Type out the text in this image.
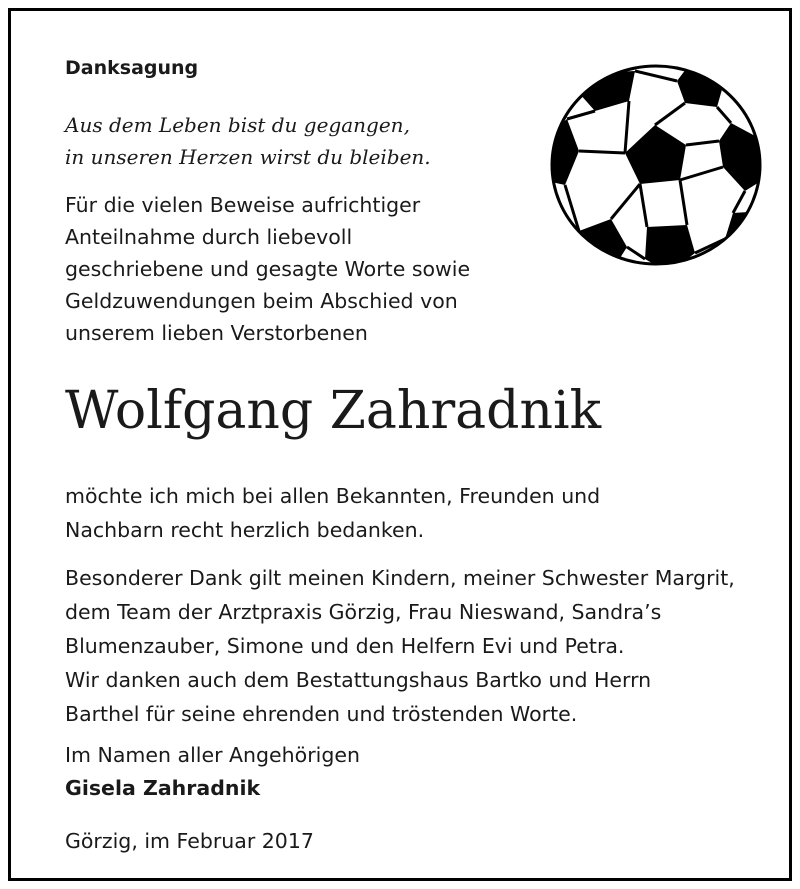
Danksagung

Aus dem Leben bist du gegangen,
in unseren Herzen wirst du bleiben.

Für die vielen Beweise aufrichtiger
Anteilnahme durch liebevoll
geschriebene und gesagte Worte sowie
Geldzuwendungen beim Abschied von
unserem lieben Verstorbenen

Wolfgang Zahradnik

möchte ich mich bei allen Bekannten, Freunden und
Nachbarn recht herzlich bedanken.

Besonderer Dank gilt meinen Kindern, meiner Schwester Margrit,
dem Team der Arztpraxis Görzig, Frau Nieswand, Sandra’s
Blumenzauber, Simone und den Helfern Evi und Petra.
Wir danken auch dem Bestattungshaus Bartko und Herrn
Barthel für seine ehrenden und tröstenden Worte.

Im Namen aller Angehörigen
Gisela Zahradnik

Görzig, im Februar 2017
